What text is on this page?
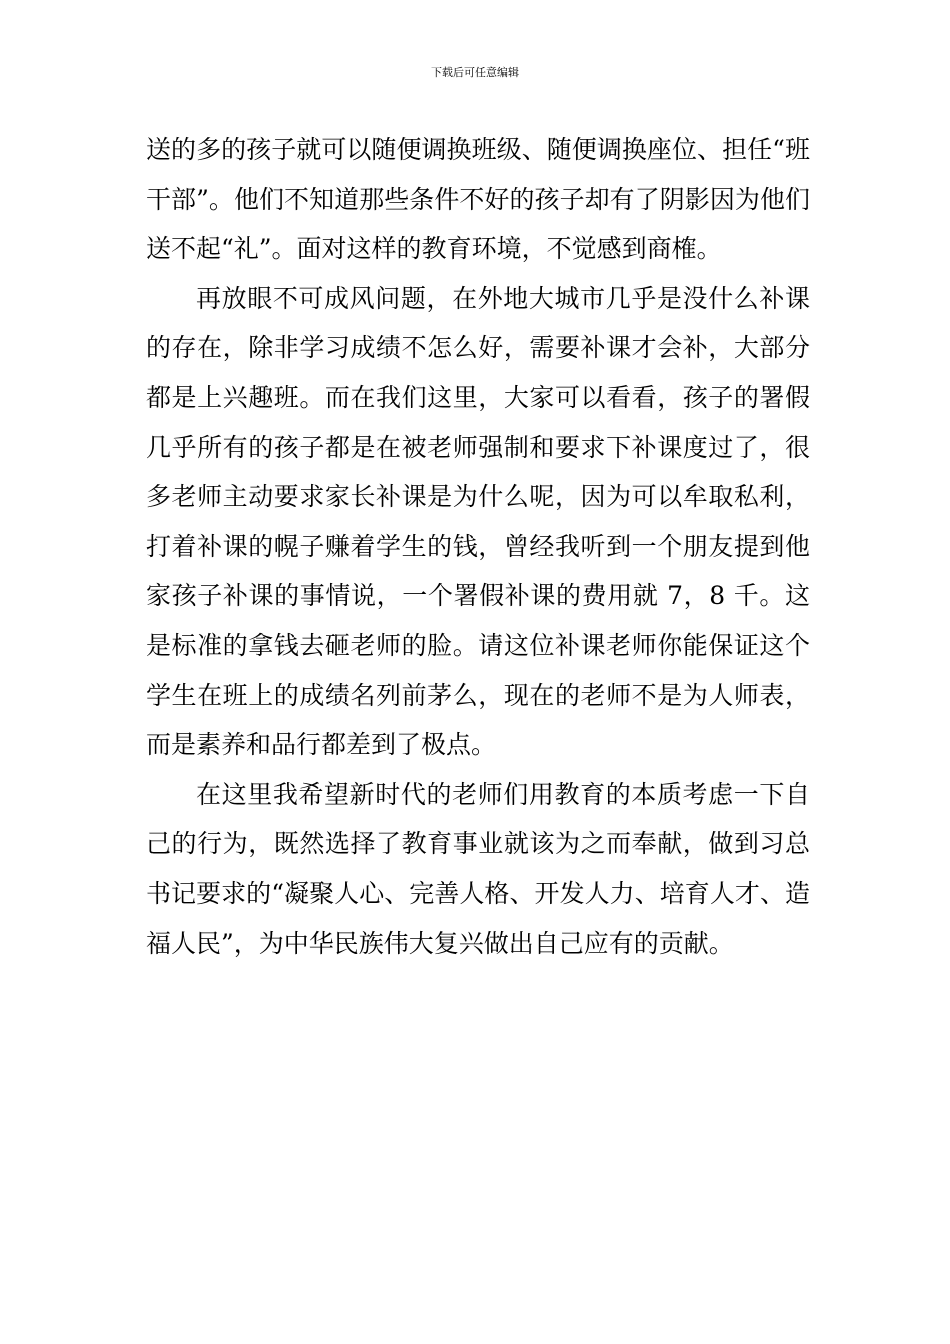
下载后可任意编辑

送的多的孩子就可以随便调换班级、随便调换座位、担任“班干部”。他们不知道那些条件不好的孩子却有了阴影因为他们送不起“礼”。面对这样的教育环境，不觉感到商榷。

再放眼不可成风问题，在外地大城市几乎是没什么补课的存在，除非学习成绩不怎么好，需要补课才会补，大部分都是上兴趣班。而在我们这里，大家可以看看，孩子的署假几乎所有的孩子都是在被老师强制和要求下补课度过了，很多老师主动要求家长补课是为什么呢，因为可以牟取私利，打着补课的幌子赚着学生的钱，曾经我听到一个朋友提到他家孩子补课的事情说，一个署假补课的费用就 7，8 千。这是标准的拿钱去砸老师的脸。请这位补课老师你能保证这个学生在班上的成绩名列前茅么，现在的老师不是为人师表，而是素养和品行都差到了极点。

在这里我希望新时代的老师们用教育的本质考虑一下自己的行为，既然选择了教育事业就该为之而奉献，做到习总书记要求的“凝聚人心、完善人格、开发人力、培育人才、造福人民”，为中华民族伟大复兴做出自己应有的贡献。
